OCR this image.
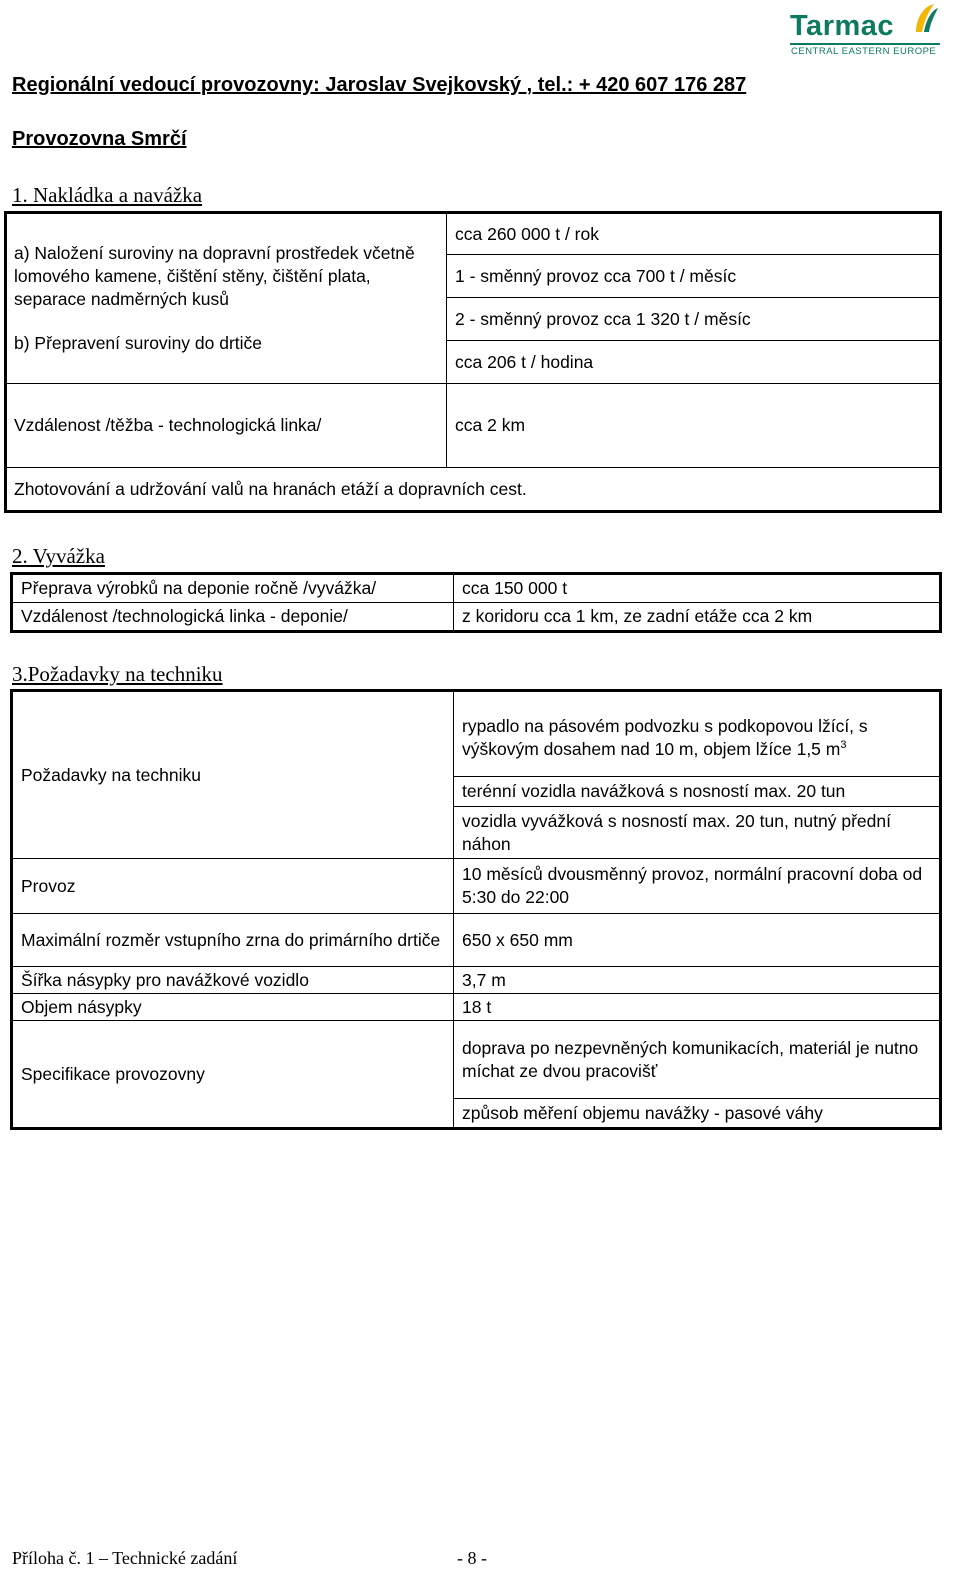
Tarmac
CENTRAL EASTERN EUROPE
Regionální vedoucí provozovny: Jaroslav Svejkovský , tel.: + 420 607 176 287
Provozovna Smrčí
1. Nakládka a navážka
a) Naložení suroviny na dopravní prostředek včetně lomového kamene, čištění stěny, čištění plata, separace nadměrných kusů
b) Přepravení suroviny do drtiče	cca 260 000 t / rok
	1 - směnný provoz cca 700 t / měsíc
	2 - směnný provoz cca 1 320 t / měsíc
	cca 206 t / hodina
Vzdálenost /těžba - technologická linka/	cca 2 km
Zhotovování a udržování valů na hranách etáží a dopravních cest.	
2. Vyvážka
Přeprava výrobků na deponie ročně /vyvážka/	cca 150 000 t
Vzdálenost /technologická linka - deponie/	z koridoru cca 1 km, ze zadní etáže cca 2 km
3.Požadavky na techniku
Požadavky na techniku	rypadlo na pásovém podvozku s podkopovou lžící, s výškovým dosahem nad 10 m, objem lžíce 1,5 $m^3$
	terénní vozidla navážková s nosností max. 20 tun
	vozidla vyvážková s nosností max. 20 tun, nutný přední náhon
Provoz	10 měsíců dvousměnný provoz, normální pracovní doba od 5:30 do 22:00
Maximální rozměr vstupního zrna do primárního drtiče	650 x 650 mm
Šířka násypky pro navážkové vozidlo	3,7 m
Objem násypky	18 t
Specifikace provozovny	doprava po nezpevněných komunikacích, materiál je nutno míchat ze dvou pracovišť
	způsob měření objemu navážky - pasové váhy
Příloha č. 1 – Technické zadání	- 8 -
